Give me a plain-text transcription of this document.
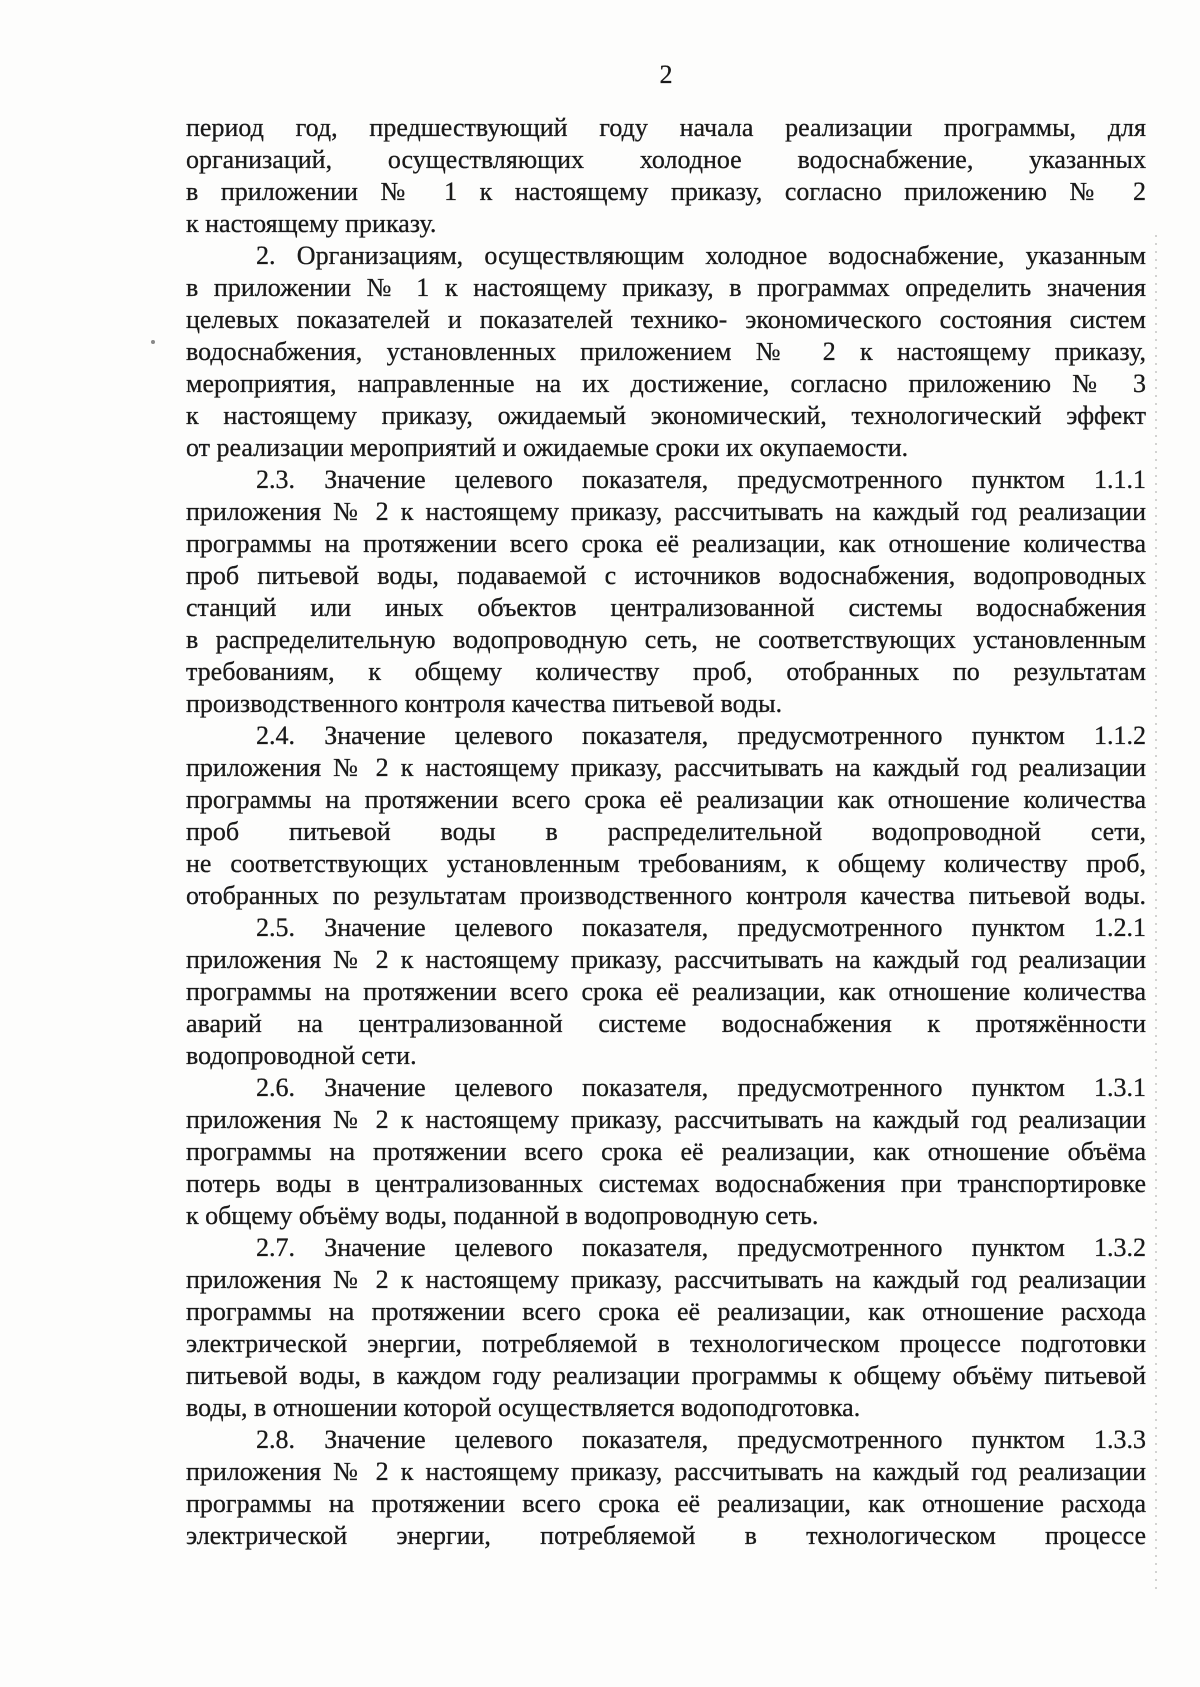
2
период год, предшествующий году начала реализации программы, для
организаций, осуществляющих холодное водоснабжение, указанных
в приложении № 1 к настоящему приказу, согласно приложению № 2
к настоящему приказу.
2. Организациям, осуществляющим холодное водоснабжение, указанным
в приложении № 1 к настоящему приказу, в программах определить значения
целевых показателей и показателей технико- экономического состояния систем
водоснабжения, установленных приложением № 2 к настоящему приказу,
мероприятия, направленные на их достижение, согласно приложению № 3
к настоящему приказу, ожидаемый экономический, технологический эффект
от реализации мероприятий и ожидаемые сроки их окупаемости.
2.3. Значение целевого показателя, предусмотренного пунктом 1.1.1
приложения № 2 к настоящему приказу, рассчитывать на каждый год реализации
программы на протяжении всего срока её реализации, как отношение количества
проб питьевой воды, подаваемой с источников водоснабжения, водопроводных
станций или иных объектов централизованной системы водоснабжения
в распределительную водопроводную сеть, не соответствующих установленным
требованиям, к общему количеству проб, отобранных по результатам
производственного контроля качества питьевой воды.
2.4. Значение целевого показателя, предусмотренного пунктом 1.1.2
приложения № 2 к настоящему приказу, рассчитывать на каждый год реализации
программы на протяжении всего срока её реализации как отношение количества
проб питьевой воды в распределительной водопроводной сети,
не соответствующих установленным требованиям, к общему количеству проб,
отобранных по результатам производственного контроля качества питьевой воды.
2.5. Значение целевого показателя, предусмотренного пунктом 1.2.1
приложения № 2 к настоящему приказу, рассчитывать на каждый год реализации
программы на протяжении всего срока её реализации, как отношение количества
аварий на централизованной системе водоснабжения к протяжённости
водопроводной сети.
2.6. Значение целевого показателя, предусмотренного пунктом 1.3.1
приложения № 2 к настоящему приказу, рассчитывать на каждый год реализации
программы на протяжении всего срока её реализации, как отношение объёма
потерь воды в централизованных системах водоснабжения при транспортировке
к общему объёму воды, поданной в водопроводную сеть.
2.7. Значение целевого показателя, предусмотренного пунктом 1.3.2
приложения № 2 к настоящему приказу, рассчитывать на каждый год реализации
программы на протяжении всего срока её реализации, как отношение расхода
электрической энергии, потребляемой в технологическом процессе подготовки
питьевой воды, в каждом году реализации программы к общему объёму питьевой
воды, в отношении которой осуществляется водоподготовка.
2.8. Значение целевого показателя, предусмотренного пунктом 1.3.3
приложения № 2 к настоящему приказу, рассчитывать на каждый год реализации
программы на протяжении всего срока её реализации, как отношение расхода
электрической энергии, потребляемой в технологическом процессе
